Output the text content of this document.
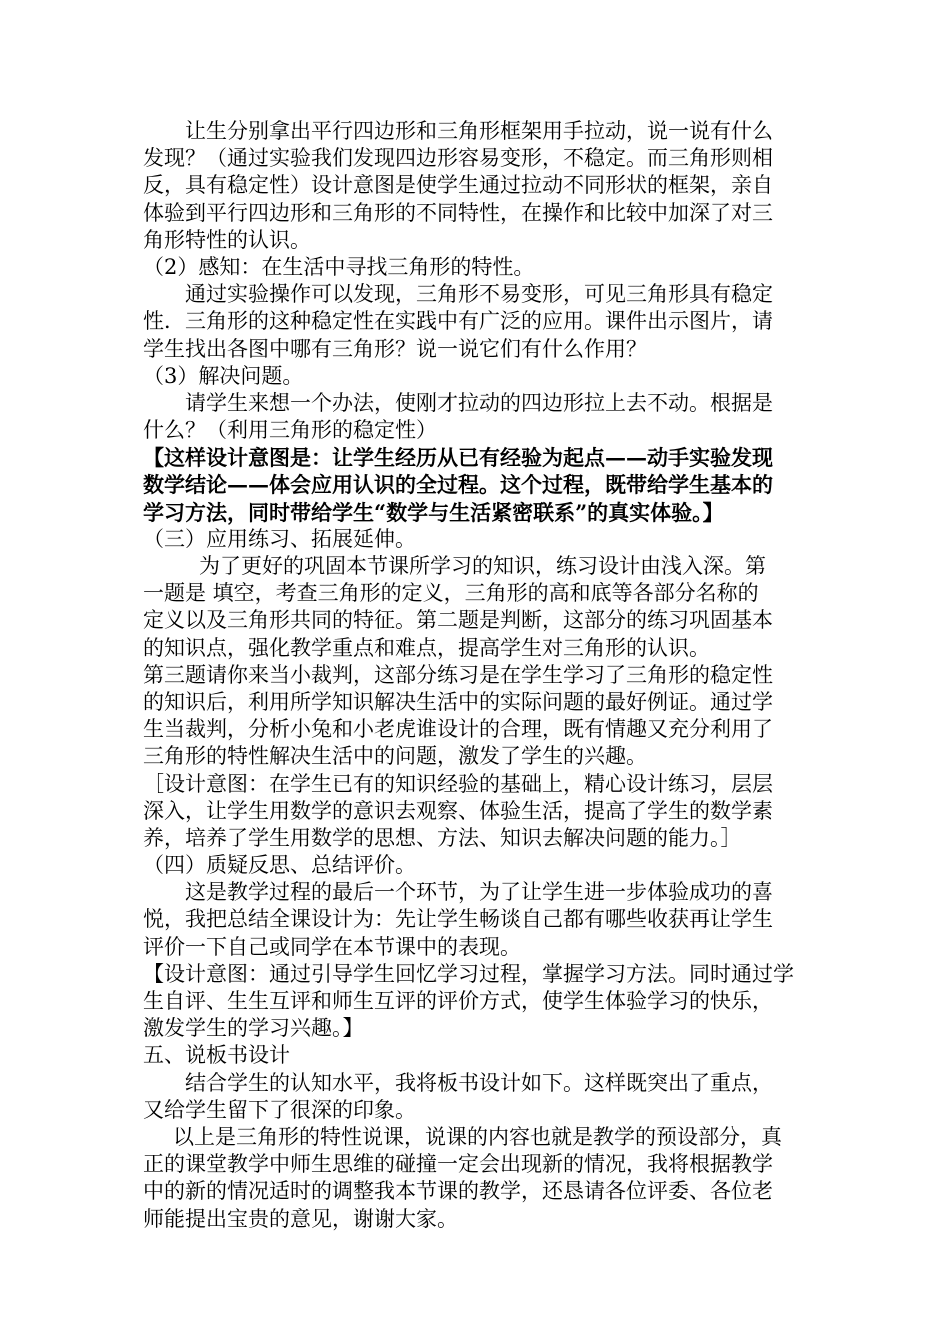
让生分别拿出平行四边形和三角形框架用手拉动，说一说有什么
发现？（通过实验我们发现四边形容易变形，不稳定。而三角形则相
反，具有稳定性）设计意图是使学生通过拉动不同形状的框架，亲自
体验到平行四边形和三角形的不同特性，在操作和比较中加深了对三
角形特性的认识。
（2）感知：在生活中寻找三角形的特性。
通过实验操作可以发现，三角形不易变形，可见三角形具有稳定
性．三角形的这种稳定性在实践中有广泛的应用。课件出示图片，请
学生找出各图中哪有三角形？说一说它们有什么作用？
（3）解决问题。
请学生来想一个办法，使刚才拉动的四边形拉上去不动。根据是
什么？（利用三角形的稳定性）
【这样设计意图是：让学生经历从已有经验为起点——动手实验发现
数学结论——体会应用认识的全过程。这个过程，既带给学生基本的
学习方法，同时带给学生“数学与生活紧密联系”的真实体验。】
（三）应用练习、拓展延伸。
为了更好的巩固本节课所学习的知识，练习设计由浅入深。第
一题是 填空，考查三角形的定义，三角形的高和底等各部分名称的
定义以及三角形共同的特征。第二题是判断，这部分的练习巩固基本
的知识点，强化教学重点和难点，提高学生对三角形的认识。
第三题请你来当小裁判，这部分练习是在学生学习了三角形的稳定性
的知识后，利用所学知识解决生活中的实际问题的最好例证。通过学
生当裁判，分析小兔和小老虎谁设计的合理，既有情趣又充分利用了
三角形的特性解决生活中的问题，激发了学生的兴趣。
［设计意图：在学生已有的知识经验的基础上，精心设计练习，层层
深入，让学生用数学的意识去观察、体验生活，提高了学生的数学素
养，培养了学生用数学的思想、方法、知识去解决问题的能力。］
（四）质疑反思、总结评价。
这是教学过程的最后一个环节，为了让学生进一步体验成功的喜
悦，我把总结全课设计为：先让学生畅谈自己都有哪些收获再让学生
评价一下自己或同学在本节课中的表现。
【设计意图：通过引导学生回忆学习过程，掌握学习方法。同时通过学
生自评、生生互评和师生互评的评价方式，使学生体验学习的快乐，
激发学生的学习兴趣。】
五、说板书设计
结合学生的认知水平，我将板书设计如下。这样既突出了重点，
又给学生留下了很深的印象。
以上是三角形的特性说课，说课的内容也就是教学的预设部分，真
正的课堂教学中师生思维的碰撞一定会出现新的情况，我将根据教学
中的新的情况适时的调整我本节课的教学，还恳请各位评委、各位老
师能提出宝贵的意见，谢谢大家。
